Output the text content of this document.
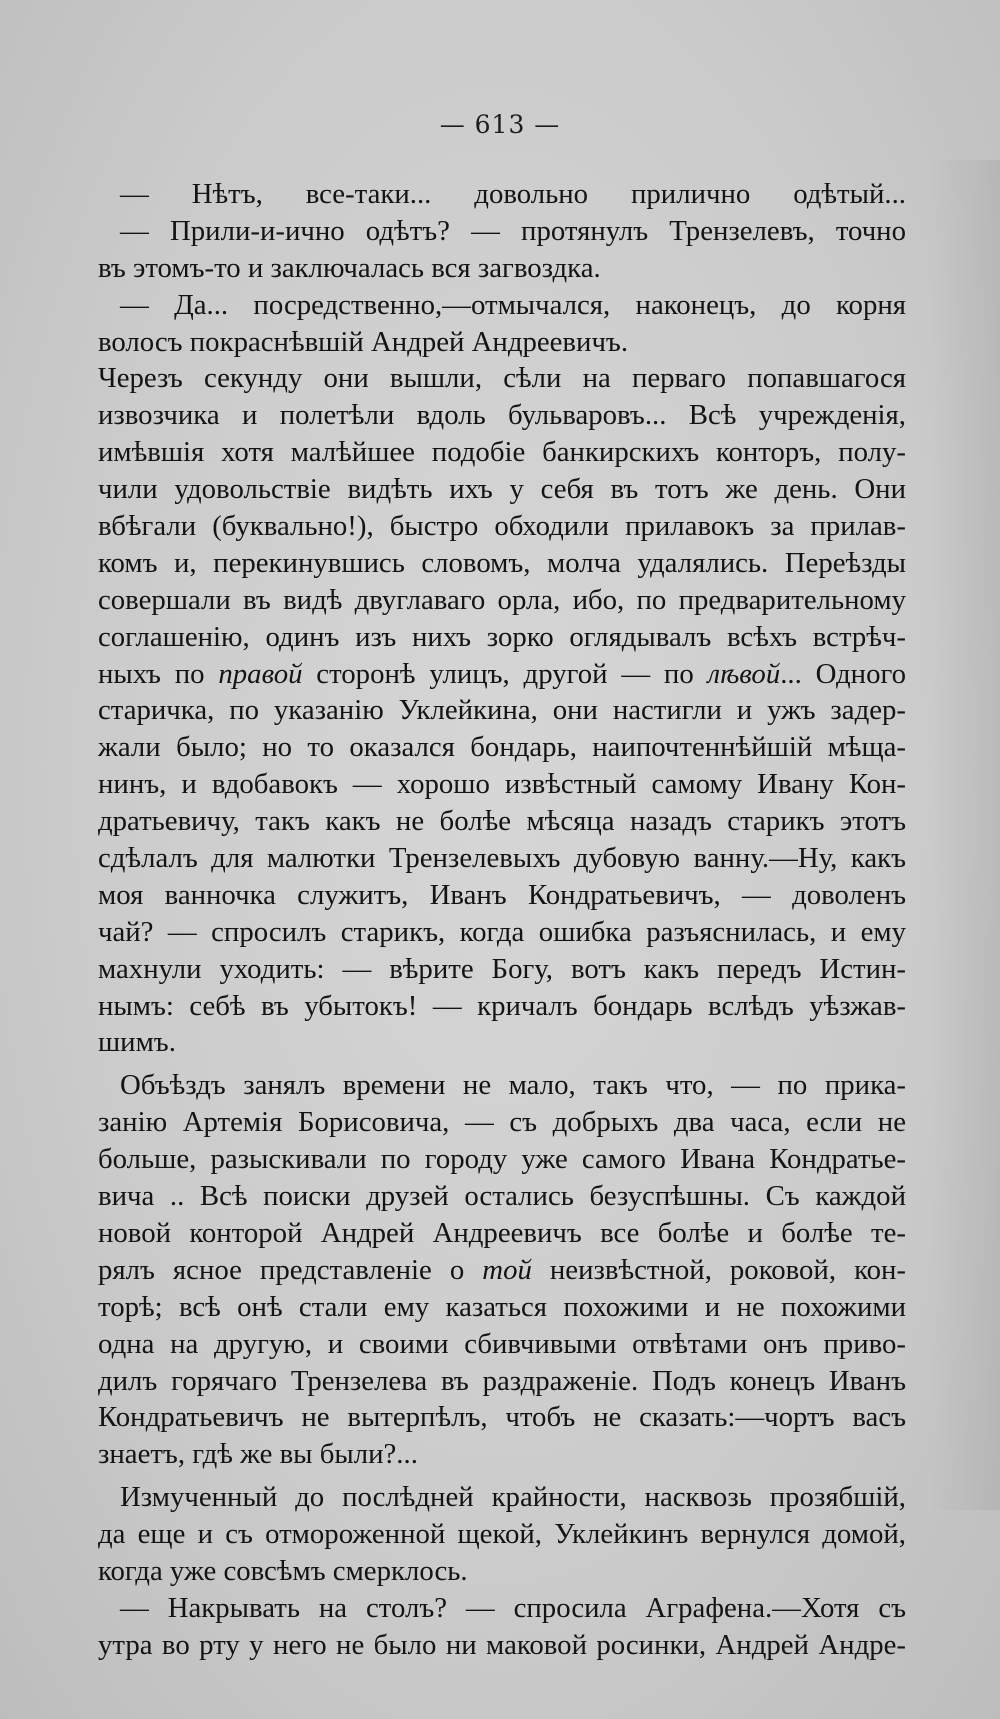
— 613 —
— Нѣтъ, все-таки... довольно прилично одѣтый...
— Прили-и-ично одѣтъ? — протянулъ Трензелевъ, точно
въ этомъ-то и заключалась вся загвоздка.
— Да... посредственно,—отмычался, наконецъ, до корня
волосъ покраснѣвшій Андрей Андреевичъ.
Черезъ секунду они вышли, сѣли на перваго попавшагося
извозчика и полетѣли вдоль бульваровъ... Всѣ учрежденія,
имѣвшія хотя малѣйшее подобіе банкирскихъ конторъ, полу-
чили удовольствіе видѣть ихъ у себя въ тотъ же день. Они
вбѣгали (буквально!), быстро обходили прилавокъ за прилав-
комъ и, перекинувшись словомъ, молча удалялись. Переѣзды
совершали въ видѣ двуглаваго орла, ибо, по предварительному
соглашенію, одинъ изъ нихъ зорко оглядывалъ всѣхъ встрѣч-
ныхъ по правой сторонѣ улицъ, другой — по лѣвой... Одного
старичка, по указанію Уклейкина, они настигли и ужъ задер-
жали было; но то оказался бондарь, наипочтеннѣйшій мѣща-
нинъ, и вдобавокъ — хорошо извѣстный самому Ивану Кон-
дратьевичу, такъ какъ не болѣе мѣсяца назадъ старикъ этотъ
сдѣлалъ для малютки Трензелевыхъ дубовую ванну.—Ну, какъ
моя ванночка служитъ, Иванъ Кондратьевичъ, — доволенъ
чай? — спросилъ старикъ, когда ошибка разъяснилась, и ему
махнули уходить: — вѣрите Богу, вотъ какъ передъ Истин-
нымъ: себѣ въ убытокъ! — кричалъ бондарь вслѣдъ уѣзжав-
шимъ.
Объѣздъ занялъ времени не мало, такъ что, — по прика-
занію Артемія Борисовича, — съ добрыхъ два часа, если не
больше, разыскивали по городу уже самого Ивана Кондратье-
вича .. Всѣ поиски друзей остались безуспѣшны. Съ каждой
новой конторой Андрей Андреевичъ все болѣе и болѣе те-
рялъ ясное представленіе о той неизвѣстной, роковой, кон-
торѣ; всѣ онѣ стали ему казаться похожими и не похожими
одна на другую, и своими сбивчивыми отвѣтами онъ приво-
дилъ горячаго Трензелева въ раздраженіе. Подъ конецъ Иванъ
Кондратьевичъ не вытерпѣлъ, чтобъ не сказать:—чортъ васъ
знаетъ, гдѣ же вы были?...
Измученный до послѣдней крайности, насквозь прозябшій,
да еще и съ отмороженной щекой, Уклейкинъ вернулся домой,
когда уже совсѣмъ смерклось.
— Накрывать на столъ? — спросила Аграфена.—Хотя съ
утра во рту у него не было ни маковой росинки, Андрей Андре-
